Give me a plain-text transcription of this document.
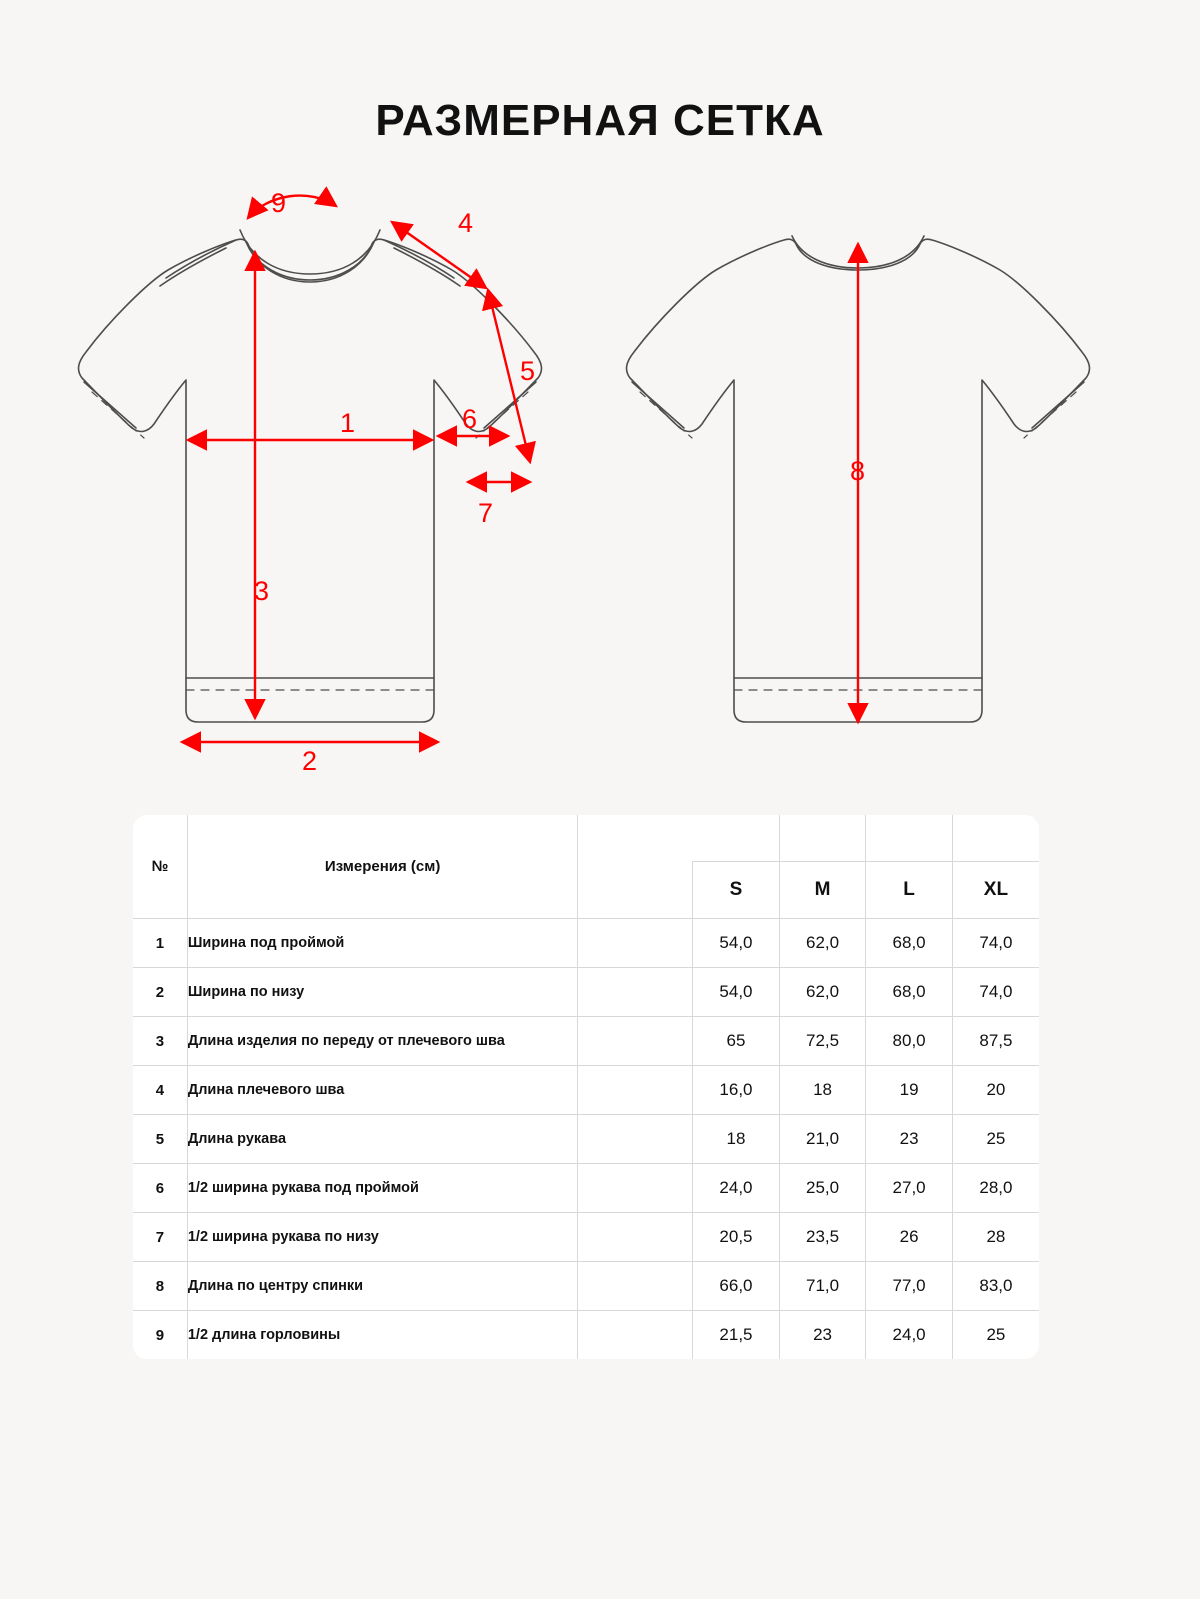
РАЗМЕРНАЯ СЕТКА
1
2
3
4
5
6
7
9
8
№	Измерения (см)					
			S	M	L	XL
1	Ширина под проймой		54,0	62,0	68,0	74,0
2	Ширина по низу		54,0	62,0	68,0	74,0
3	Длина изделия по переду от плечевого шва		65	72,5	80,0	87,5
4	Длина плечевого шва		16,0	18	19	20
5	Длина рукава		18	21,0	23	25
6	1/2 ширина рукава под проймой		24,0	25,0	27,0	28,0
7	1/2 ширина рукава по низу		20,5	23,5	26	28
8	Длина по центру спинки		66,0	71,0	77,0	83,0
9	1/2 длина горловины		21,5	23	24,0	25
